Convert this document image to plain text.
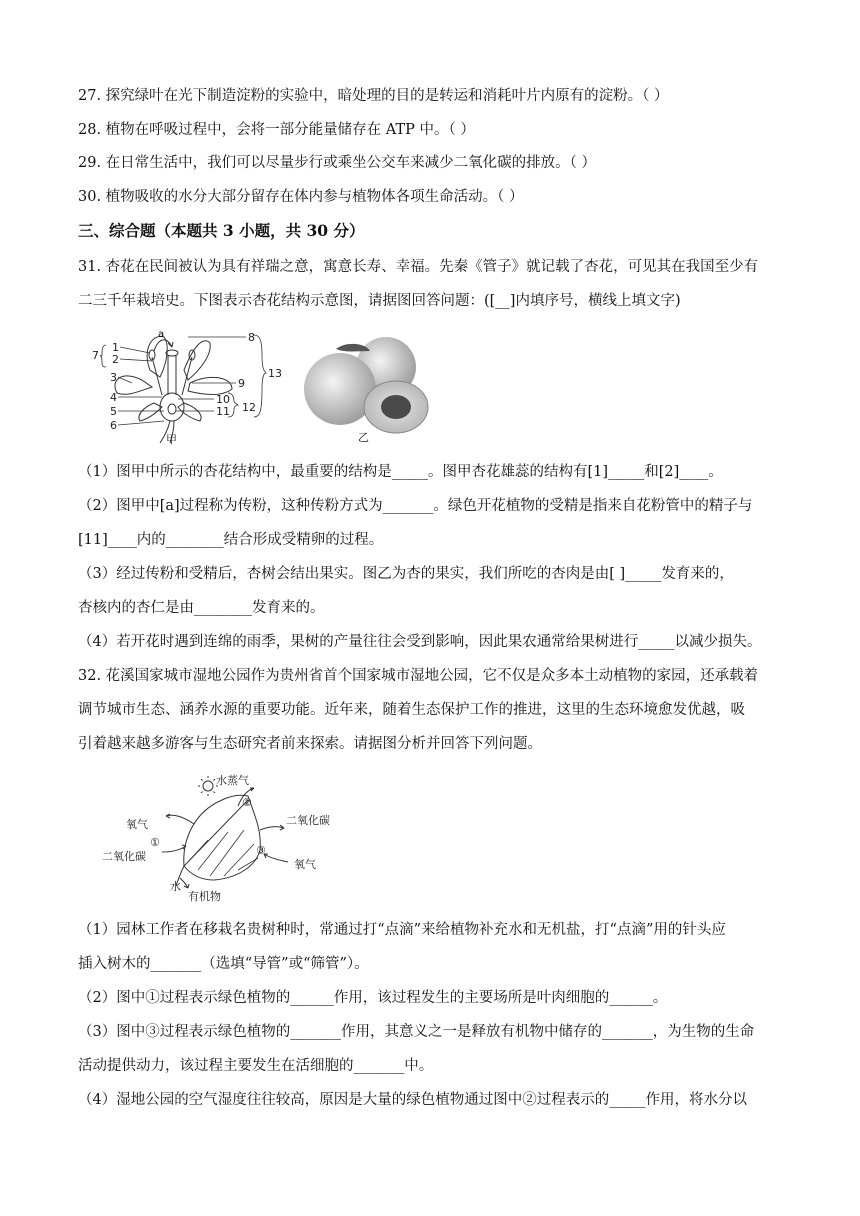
27. 探究绿叶在光下制造淀粉的实验中，暗处理的目的是转运和消耗叶片内原有的淀粉。（ ）
28. 植物在呼吸过程中，会将一部分能量储存在 ATP 中。（ ）
29. 在日常生活中，我们可以尽量步行或乘坐公交车来减少二氧化碳的排放。（ ）
30. 植物吸收的水分大部分留存在体内参与植物体各项生命活动。（ ）
三、综合题（本题共 3 小题，共 30 分）
31. 杏花在民间被认为具有祥瑞之意，寓意长寿、幸福。先秦《管子》就记载了杏花，可见其在我国至少有
二三千年栽培史。下图表示杏花结构示意图，请据图回答问题：([__]内填序号，横线上填文字)
a
1
2
3
4
5
6
7
8
9
10
11 12
13
甲	乙
（1）图甲中所示的杏花结构中，最重要的结构是_____。图甲杏花雄蕊的结构有[1]_____和[2]____。
（2）图甲中[a]过程称为传粉，这种传粉方式为_______。绿色开花植物的受精是指来自花粉管中的精子与
[11]____内的________结合形成受精卵的过程。
（3）经过传粉和受精后，杏树会结出果实。图乙为杏的果实，我们所吃的杏肉是由[ ]_____发育来的，
杏核内的杏仁是由________发育来的。
（4）若开花时遇到连绵的雨季，果树的产量往往会受到影响，因此果农通常给果树进行_____以减少损失。
32. 花溪国家城市湿地公园作为贵州省首个国家城市湿地公园，它不仅是众多本土动植物的家园，还承载着
调节城市生态、涵养水源的重要功能。近年来，随着生态保护工作的推进，这里的生态环境愈发优越，吸
引着越来越多游客与生态研究者前来探索。请据图分析并回答下列问题。
水蒸气
②
氧气
①
二氧化碳
二氧化碳
③
氧气
水
有机物
（1）园林工作者在移栽名贵树种时，常通过打“点滴”来给植物补充水和无机盐，打“点滴”用的针头应
插入树木的_______（选填“导管”或“筛管”）。
（2）图中①过程表示绿色植物的______作用，该过程发生的主要场所是叶肉细胞的______。
（3）图中③过程表示绿色植物的_______作用，其意义之一是释放有机物中储存的_______，为生物的生命
活动提供动力，该过程主要发生在活细胞的_______中。
（4）湿地公园的空气湿度往往较高，原因是大量的绿色植物通过图中②过程表示的_____作用，将水分以
